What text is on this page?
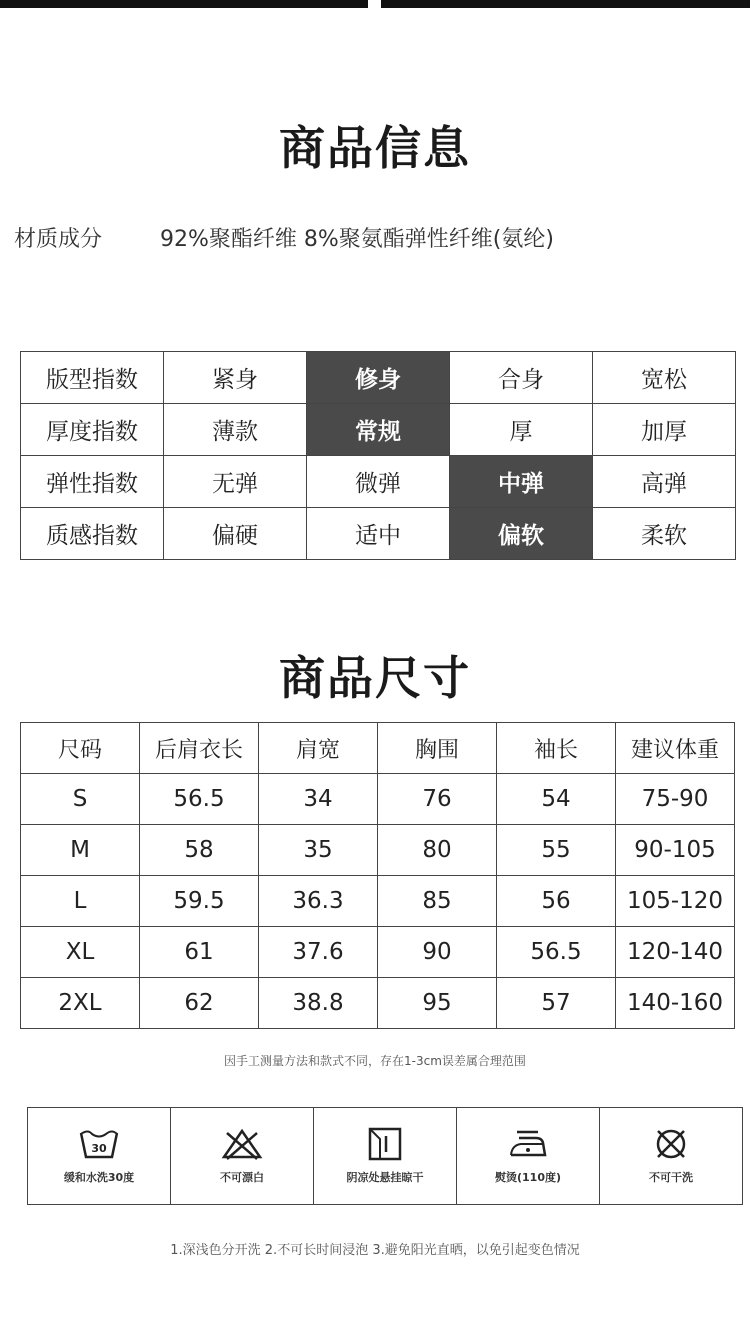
商品信息
材质成分	92%聚酯纤维 8%聚氨酯弹性纤维(氨纶)
版型指数	紧身	修身	合身	宽松
厚度指数	薄款	常规	厚	加厚
弹性指数	无弹	微弹	中弹	高弹
质感指数	偏硬	适中	偏软	柔软
商品尺寸
尺码	后肩衣长	肩宽	胸围	袖长	建议体重
S	56.5	34	76	54	75-90
M	58	35	80	55	90-105
L	59.5	36.3	85	56	105-120
XL	61	37.6	90	56.5	120-140
2XL	62	38.8	95	57	140-160
因手工测量方法和款式不同，存在1-3cm误差属合理范围
30
缓和水洗30度	不可漂白	阴凉处悬挂晾干	熨烫(110度)	不可干洗
1.深浅色分开洗 2.不可长时间浸泡 3.避免阳光直晒，以免引起变色情况
